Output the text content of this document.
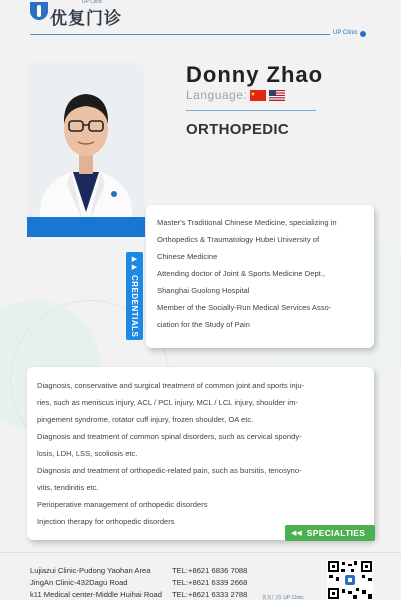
UP Clinic
优复门诊
UP Clinic
Donny Zhao
Language:
ORTHOPEDIC
Master's Traditional Chinese Medicine, specializing in
Orthopedics & Traumatology Hubei University of
Chinese Medicine
Attending doctor of Joint & Sports Medicine Dept.,
Shanghai Guolong Hospital
Member of the Socially-Run Medical Services Asso-
ciation for the Study of Pain
▶
▶
CREDENTIALS
Diagnosis, conservative and surgical treatment of common joint and sports inju-
ries, such as meniscus injury, ACL / PCL injury, MCL / LCL injury, shoulder im-
pingement syndrome, rotator cuff injury, frozen shoulder, OA etc.
Diagnosis and treatment of common spinal disorders, such as cervical spondy-
losis, LDH, LSS, scoliosis etc.
Diagnosis and treatment of orthopedic-related pain, such as bursitis, tenosyno-
vitis, tendinitis etc.
Perioperative management of orthopedic disorders
Injection therapy for orthopedic disorders
◀◀ SPECIALTIES
Lujiazui Clinic-Pudong Yaohan Area
JingAn Clinic-432Dagu Road
k11 Medical center-Middle Huihai Road
TEL:+8621 6836 7088
TEL:+8621 6339 2668
TEL:+8621 6333 2788	优复门诊 UP Clinic
